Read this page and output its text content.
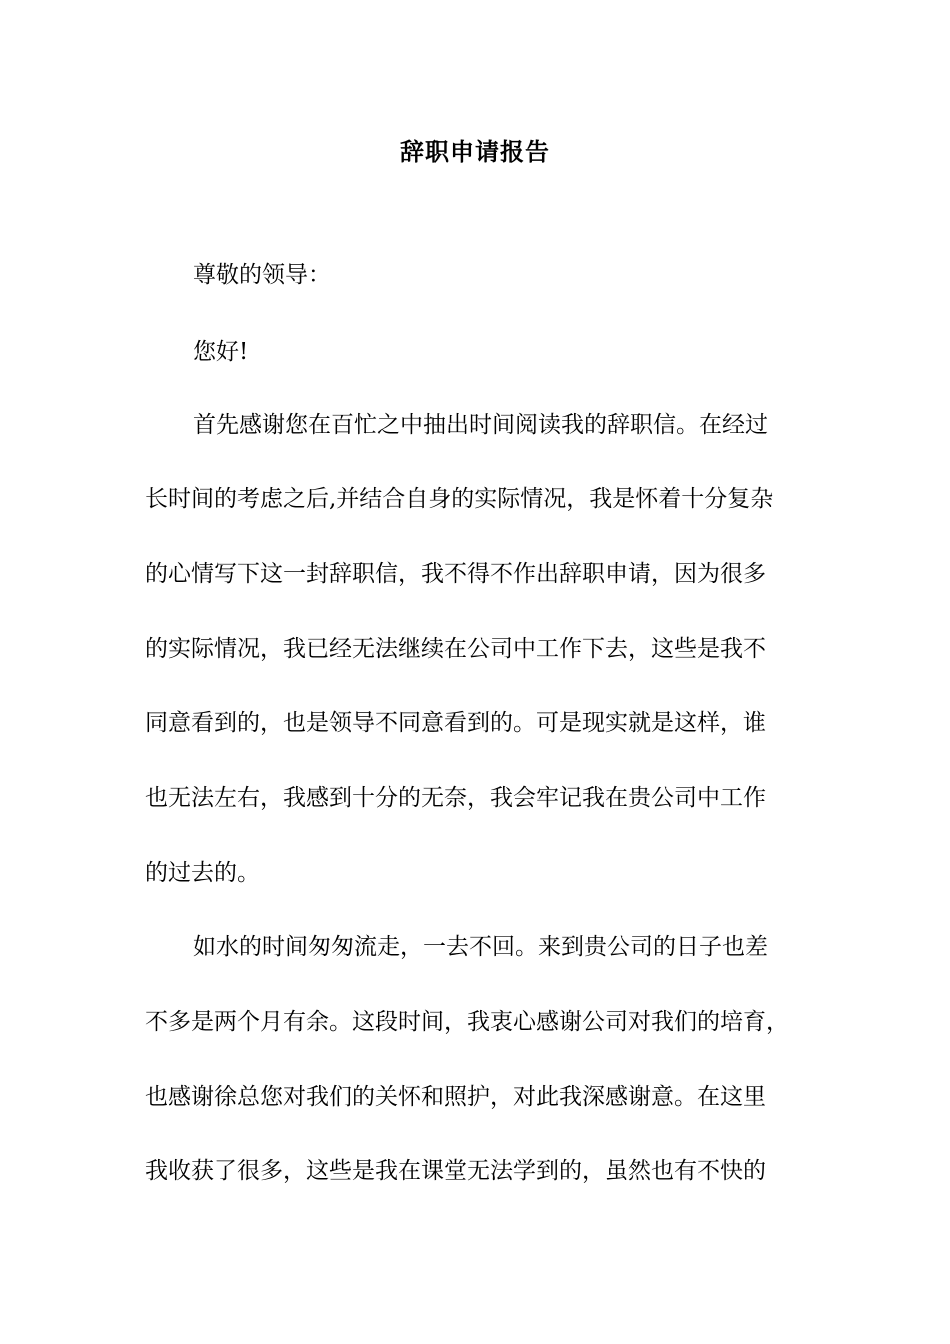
辞职申请报告
尊敬的领导：
您好!
首先感谢您在百忙之中抽出时间阅读我的辞职信。在经过
长时间的考虑之后,并结合自身的实际情况，我是怀着十分复杂
的心情写下这一封辞职信，我不得不作出辞职申请，因为很多
的实际情况，我已经无法继续在公司中工作下去，这些是我不
同意看到的，也是领导不同意看到的。可是现实就是这样，谁
也无法左右，我感到十分的无奈，我会牢记我在贵公司中工作
的过去的。
如水的时间匆匆流走，一去不回。来到贵公司的日子也差
不多是两个月有余。这段时间，我衷心感谢公司对我们的培育，
也感谢徐总您对我们的关怀和照护，对此我深感谢意。在这里
我收获了很多，这些是我在课堂无法学到的，虽然也有不快的
